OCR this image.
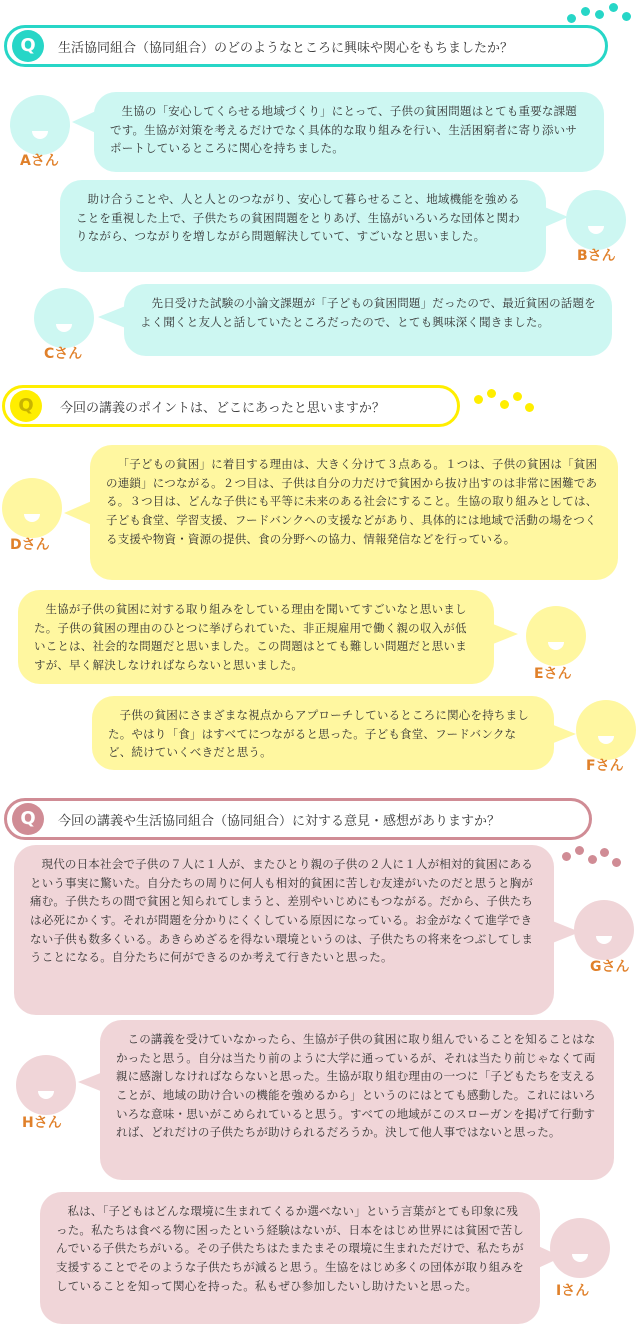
Q	生活協同組合（協同組合）のどのようなところに興味や関心をもちましたか？
Aさん
生協の「安心してくらせる地域づくり」にとって、子供の貧困問題はとても重要な課題です。生協が対策を考えるだけでなく具体的な取り組みを行い、生活困窮者に寄り添いサポートしているところに関心を持ちました。
助け合うことや、人と人とのつながり、安心して暮らせること、地域機能を強めることを重視した上で、子供たちの貧困問題をとりあげ、生協がいろいろな団体と関わりながら、つながりを増しながら問題解決していて、すごいなと思いました。
Bさん
Cさん
先日受けた試験の小論文課題が「子どもの貧困問題」だったので、最近貧困の話題をよく聞くと友人と話していたところだったので、とても興味深く聞きました。
Q	今回の講義のポイントは、どこにあったと思いますか？
Dさん
「子どもの貧困」に着目する理由は、大きく分けて３点ある。１つは、子供の貧困は「貧困の連鎖」につながる。２つ目は、子供は自分の力だけで貧困から抜け出すのは非常に困難である。３つ目は、どんな子供にも平等に未来のある社会にすること。生協の取り組みとしては、子ども食堂、学習支援、フードバンクへの支援などがあり、具体的には地域で活動の場をつくる支援や物資・資源の提供、食の分野への協力、情報発信などを行っている。
生協が子供の貧困に対する取り組みをしている理由を聞いてすごいなと思いました。子供の貧困の理由のひとつに挙げられていた、非正規雇用で働く親の収入が低いことは、社会的な問題だと思いました。この問題はとても難しい問題だと思いますが、早く解決しなければならないと思いました。
Eさん
子供の貧困にさまざまな視点からアプローチしているところに関心を持ちました。やはり「食」はすべてにつながると思った。子ども食堂、フードバンクなど、続けていくべきだと思う。
Fさん
Q	今回の講義や生活協同組合（協同組合）に対する意見・感想がありますか？
現代の日本社会で子供の７人に１人が、またひとり親の子供の２人に１人が相対的貧困にあるという事実に驚いた。自分たちの周りに何人も相対的貧困に苦しむ友達がいたのだと思うと胸が痛む。子供たちの間で貧困と知られてしまうと、差別やいじめにもつながる。だから、子供たちは必死にかくす。それが問題を分かりにくくしている原因になっている。お金がなくて進学できない子供も数多くいる。あきらめざるを得ない環境というのは、子供たちの将来をつぶしてしまうことになる。自分たちに何ができるのか考えて行きたいと思った。
Gさん
Hさん
この講義を受けていなかったら、生協が子供の貧困に取り組んでいることを知ることはなかったと思う。自分は当たり前のように大学に通っているが、それは当たり前じゃなくて両親に感謝しなければならないと思った。生協が取り組む理由の一つに「子どもたちを支えることが、地域の助け合いの機能を強めるから」というのにはとても感動した。これにはいろいろな意味・思いがこめられていると思う。すべての地域がこのスローガンを掲げて行動すれば、どれだけの子供たちが助けられるだろうか。決して他人事ではないと思った。
私は、「子どもはどんな環境に生まれてくるか選べない」という言葉がとても印象に残った。私たちは食べる物に困ったという経験はないが、日本をはじめ世界には貧困で苦しんでいる子供たちがいる。その子供たちはたまたまその環境に生まれただけで、私たちが支援することでそのような子供たちが減ると思う。生協をはじめ多くの団体が取り組みをしていることを知って関心を持った。私もぜひ参加したいし助けたいと思った。	Iさん
